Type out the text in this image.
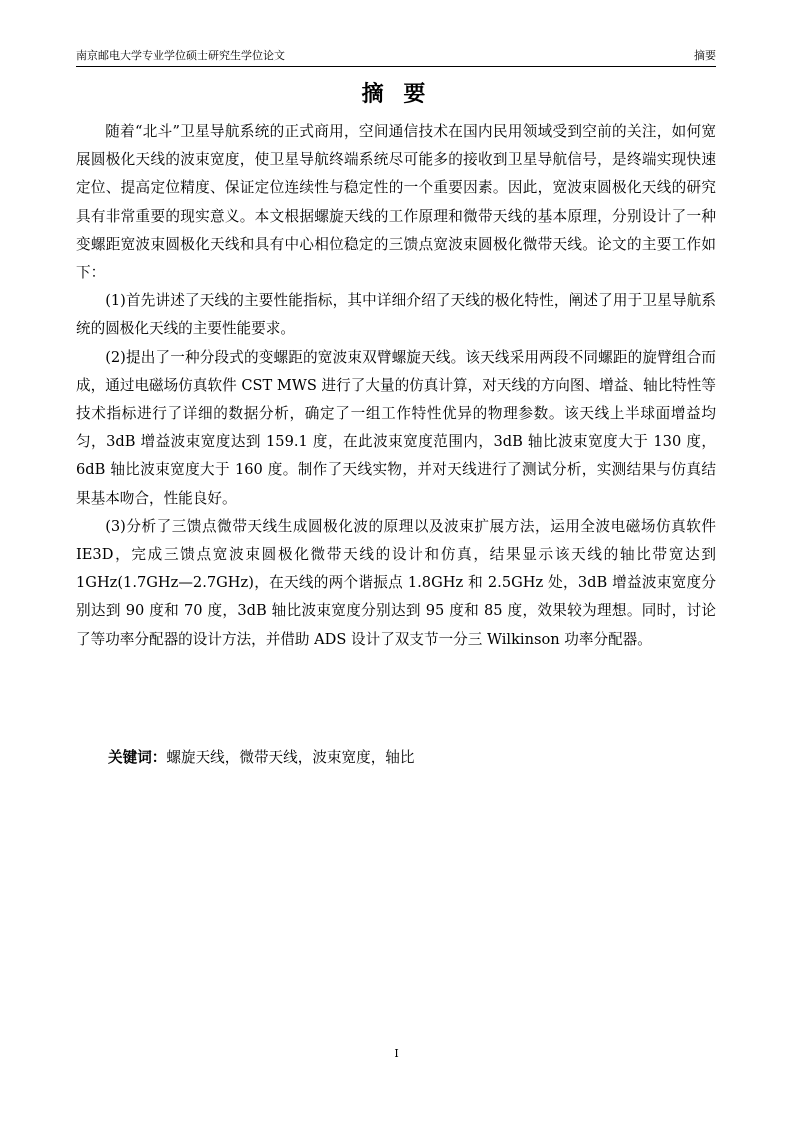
南京邮电大学专业学位硕士研究生学位论文	摘要
摘 要

随着“北斗”卫星导航系统的正式商用，空间通信技术在国内民用领域受到空前的关注，如何宽展圆极化天线的波束宽度，使卫星导航终端系统尽可能多的接收到卫星导航信号，是终端实现快速定位、提高定位精度、保证定位连续性与稳定性的一个重要因素。因此，宽波束圆极化天线的研究具有非常重要的现实意义。本文根据螺旋天线的工作原理和微带天线的基本原理，分别设计了一种变螺距宽波束圆极化天线和具有中心相位稳定的三馈点宽波束圆极化微带天线。论文的主要工作如下：

(1)首先讲述了天线的主要性能指标，其中详细介绍了天线的极化特性，阐述了用于卫星导航系统的圆极化天线的主要性能要求。

(2)提出了一种分段式的变螺距的宽波束双臂螺旋天线。该天线采用两段不同螺距的旋臂组合而成，通过电磁场仿真软件 CST MWS 进行了大量的仿真计算，对天线的方向图、增益、轴比特性等技术指标进行了详细的数据分析，确定了一组工作特性优异的物理参数。该天线上半球面增益均匀，3dB 增益波束宽度达到 159.1 度，在此波束宽度范围内，3dB 轴比波束宽度大于 130 度，6dB 轴比波束宽度大于 160 度。制作了天线实物，并对天线进行了测试分析，实测结果与仿真结果基本吻合，性能良好。

(3)分析了三馈点微带天线生成圆极化波的原理以及波束扩展方法，运用全波电磁场仿真软件 IE3D，完成三馈点宽波束圆极化微带天线的设计和仿真，结果显示该天线的轴比带宽达到 1GHz(1.7GHz—2.7GHz)，在天线的两个谐振点 1.8GHz 和 2.5GHz 处，3dB 增益波束宽度分别达到 90 度和 70 度，3dB 轴比波束宽度分别达到 95 度和 85 度，效果较为理想。同时，讨论了等功率分配器的设计方法，并借助 ADS 设计了双支节一分三 Wilkinson 功率分配器。

关键词：螺旋天线，微带天线，波束宽度，轴比
I
